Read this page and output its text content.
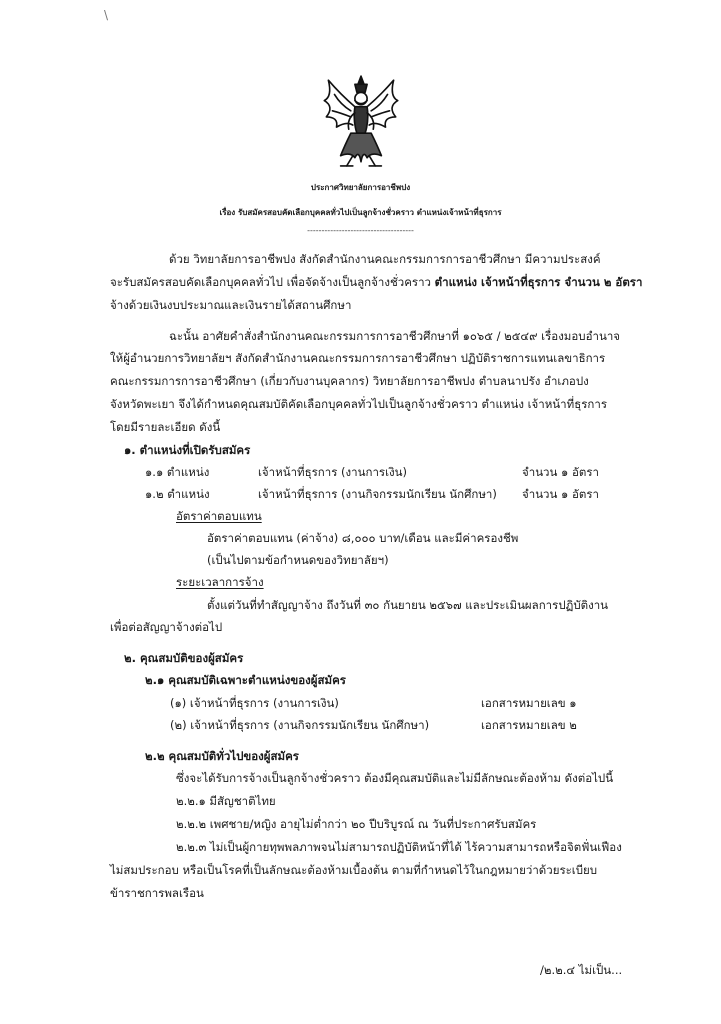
\
ประกาศวิทยาลัยการอาชีพปง
เรื่อง รับสมัครสอบคัดเลือกบุคคลทั่วไปเป็นลูกจ้างชั่วคราว ตำแหน่งเจ้าหน้าที่ธุรการ
-------------------------------------
ด้วย วิทยาลัยการอาชีพปง สังกัดสำนักงานคณะกรรมการการอาชีวศึกษา มีความประสงค์
จะรับสมัครสอบคัดเลือกบุคคลทั่วไป เพื่อจัดจ้างเป็นลูกจ้างชั่วคราว ตำแหน่ง เจ้าหน้าที่ธุรการ จำนวน ๒ อัตรา
จ้างด้วยเงินงบประมาณและเงินรายได้สถานศึกษา
ฉะนั้น อาศัยคำสั่งสำนักงานคณะกรรมการการอาชีวศึกษาที่ ๑๐๖๕ / ๒๕๔๙ เรื่องมอบอำนาจ
ให้ผู้อำนวยการวิทยาลัยฯ สังกัดสำนักงานคณะกรรมการการอาชีวศึกษา ปฏิบัติราชการแทนเลขาธิการ
คณะกรรมการการอาชีวศึกษา (เกี่ยวกับงานบุคลากร) วิทยาลัยการอาชีพปง ตำบลนาปรัง อำเภอปง
จังหวัดพะเยา จึงได้กำหนดคุณสมบัติคัดเลือกบุคคลทั่วไปเป็นลูกจ้างชั่วคราว ตำแหน่ง เจ้าหน้าที่ธุรการ
โดยมีรายละเอียด ดังนี้
๑. ตำแหน่งที่เปิดรับสมัคร
๑.๑ ตำแหน่ง	เจ้าหน้าที่ธุรการ (งานการเงิน)	จำนวน ๑ อัตรา
๑.๒ ตำแหน่ง	เจ้าหน้าที่ธุรการ (งานกิจกรรมนักเรียน นักศึกษา) จำนวน ๑ อัตรา
อัตราค่าตอบแทน
อัตราค่าตอบแทน (ค่าจ้าง) ๘,๐๐๐ บาท/เดือน และมีค่าครองชีพ
(เป็นไปตามข้อกำหนดของวิทยาลัยฯ)
ระยะเวลาการจ้าง
ตั้งแต่วันที่ทำสัญญาจ้าง ถึงวันที่ ๓๐ กันยายน ๒๕๖๗ และประเมินผลการปฏิบัติงาน
เพื่อต่อสัญญาจ้างต่อไป
๒. คุณสมบัติของผู้สมัคร
๒.๑ คุณสมบัติเฉพาะตำแหน่งของผู้สมัคร
(๑) เจ้าหน้าที่ธุรการ (งานการเงิน)	เอกสารหมายเลข ๑
(๒) เจ้าหน้าที่ธุรการ (งานกิจกรรมนักเรียน นักศึกษา)	เอกสารหมายเลข ๒
๒.๒ คุณสมบัติทั่วไปของผู้สมัคร
ซึ่งจะได้รับการจ้างเป็นลูกจ้างชั่วคราว ต้องมีคุณสมบัติและไม่มีลักษณะต้องห้าม ดังต่อไปนี้
๒.๒.๑ มีสัญชาติไทย
๒.๒.๒ เพศชาย/หญิง อายุไม่ต่ำกว่า ๒๐ ปีบริบูรณ์ ณ วันที่ประกาศรับสมัคร
๒.๒.๓ ไม่เป็นผู้กายทุพพลภาพจนไม่สามารถปฏิบัติหน้าที่ได้ ไร้ความสามารถหรือจิตฟั่นเฟือง
ไม่สมประกอบ หรือเป็นโรคที่เป็นลักษณะต้องห้ามเบื้องต้น ตามที่กำหนดไว้ในกฎหมายว่าด้วยระเบียบ
ข้าราชการพลเรือน
/๒.๒.๔ ไม่เป็น...
